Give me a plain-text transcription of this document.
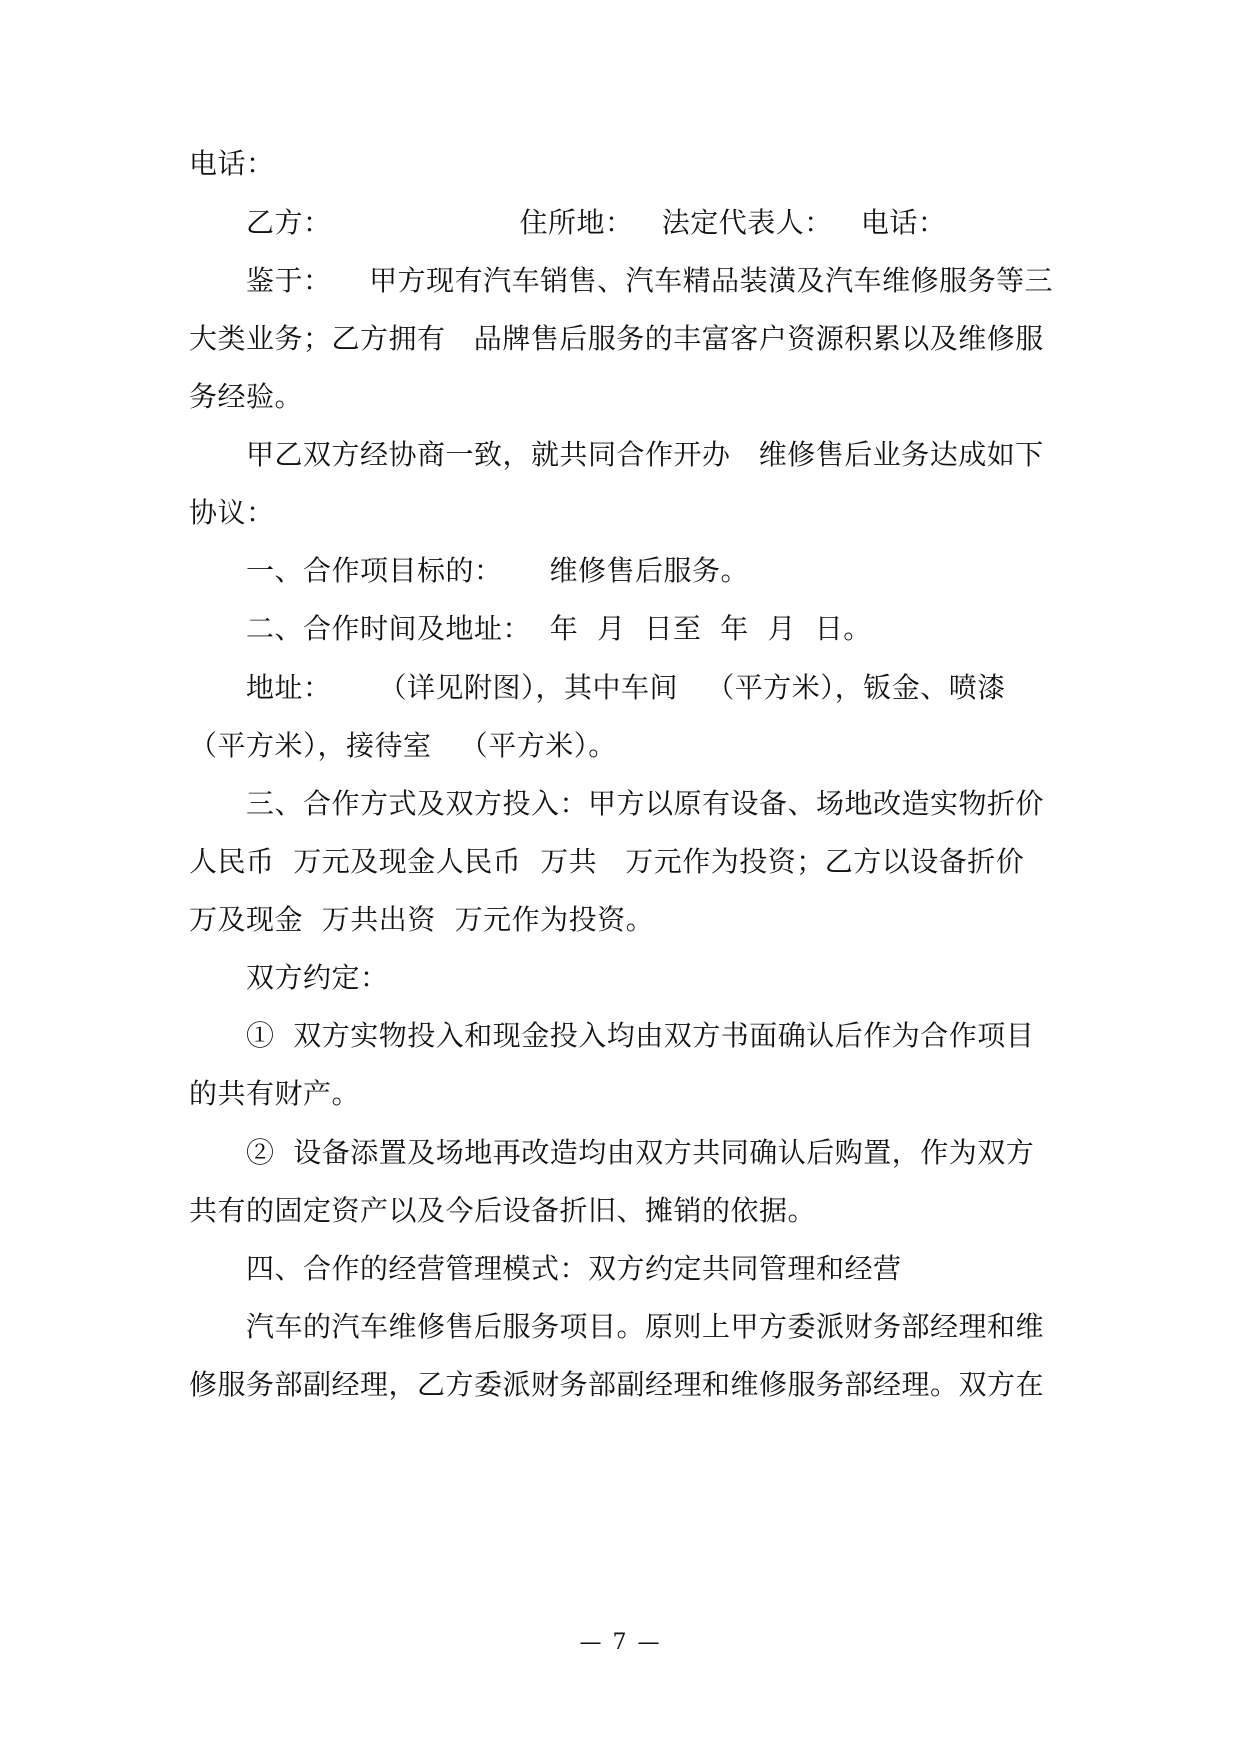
电话：
乙方：                    住所地：   法定代表人：   电话：
鉴于：    甲方现有汽车销售、汽车精品装潢及汽车维修服务等三
大类业务；乙方拥有   品牌售后服务的丰富客户资源积累以及维修服
务经验。
甲乙双方经协商一致，就共同合作开办   维修售后业务达成如下
协议：
一、合作项目标的：     维修售后服务。
二、合作时间及地址：  年  月  日至  年  月  日。
地址：     （详见附图），其中车间   （平方米），钣金、喷漆
（平方米），接待室   （平方米）。
三、合作方式及双方投入：甲方以原有设备、场地改造实物折价
人民币  万元及现金人民币  万共   万元作为投资；乙方以设备折价
万及现金  万共出资  万元作为投资。
双方约定：
①  双方实物投入和现金投入均由双方书面确认后作为合作项目
的共有财产。
②  设备添置及场地再改造均由双方共同确认后购置，作为双方
共有的固定资产以及今后设备折旧、摊销的依据。
四、合作的经营管理模式：双方约定共同管理和经营
汽车的汽车维修售后服务项目。原则上甲方委派财务部经理和维
修服务部副经理，乙方委派财务部副经理和维修服务部经理。双方在
— 7 —
